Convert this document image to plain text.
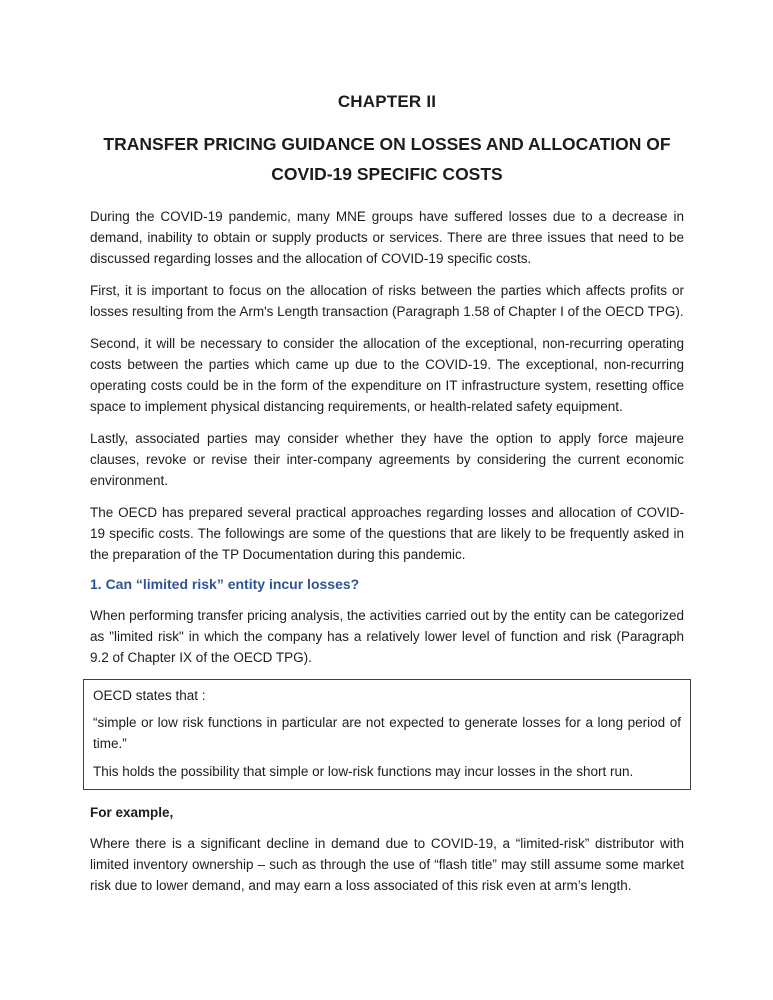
CHAPTER II
TRANSFER PRICING GUIDANCE ON LOSSES AND ALLOCATION OF
COVID-19 SPECIFIC COSTS

During the COVID-19 pandemic, many MNE groups have suffered losses due to a decrease in demand, inability to obtain or supply products or services. There are three issues that need to be discussed regarding losses and the allocation of COVID-19 specific costs.

First, it is important to focus on the allocation of risks between the parties which affects profits or losses resulting from the Arm's Length transaction (Paragraph 1.58 of Chapter I of the OECD TPG).

Second, it will be necessary to consider the allocation of the exceptional, non-recurring operating costs between the parties which came up due to the COVID-19. The exceptional, non-recurring operating costs could be in the form of the expenditure on IT infrastructure system, resetting office space to implement physical distancing requirements, or health-related safety equipment.

Lastly, associated parties may consider whether they have the option to apply force majeure clauses, revoke or revise their inter-company agreements by considering the current economic environment.

The OECD has prepared several practical approaches regarding losses and allocation of COVID-19 specific costs. The followings are some of the questions that are likely to be frequently asked in the preparation of the TP Documentation during this pandemic.

1. Can “limited risk” entity incur losses?

When performing transfer pricing analysis, the activities carried out by the entity can be categorized as "limited risk" in which the company has a relatively lower level of function and risk (Paragraph 9.2 of Chapter IX of the OECD TPG).

OECD states that :

“simple or low risk functions in particular are not expected to generate losses for a long period of time.”

This holds the possibility that simple or low-risk functions may incur losses in the short run.

For example,

Where there is a significant decline in demand due to COVID-19, a “limited-risk” distributor with limited inventory ownership – such as through the use of “flash title” may still assume some market risk due to lower demand, and may earn a loss associated of this risk even at arm’s length.
